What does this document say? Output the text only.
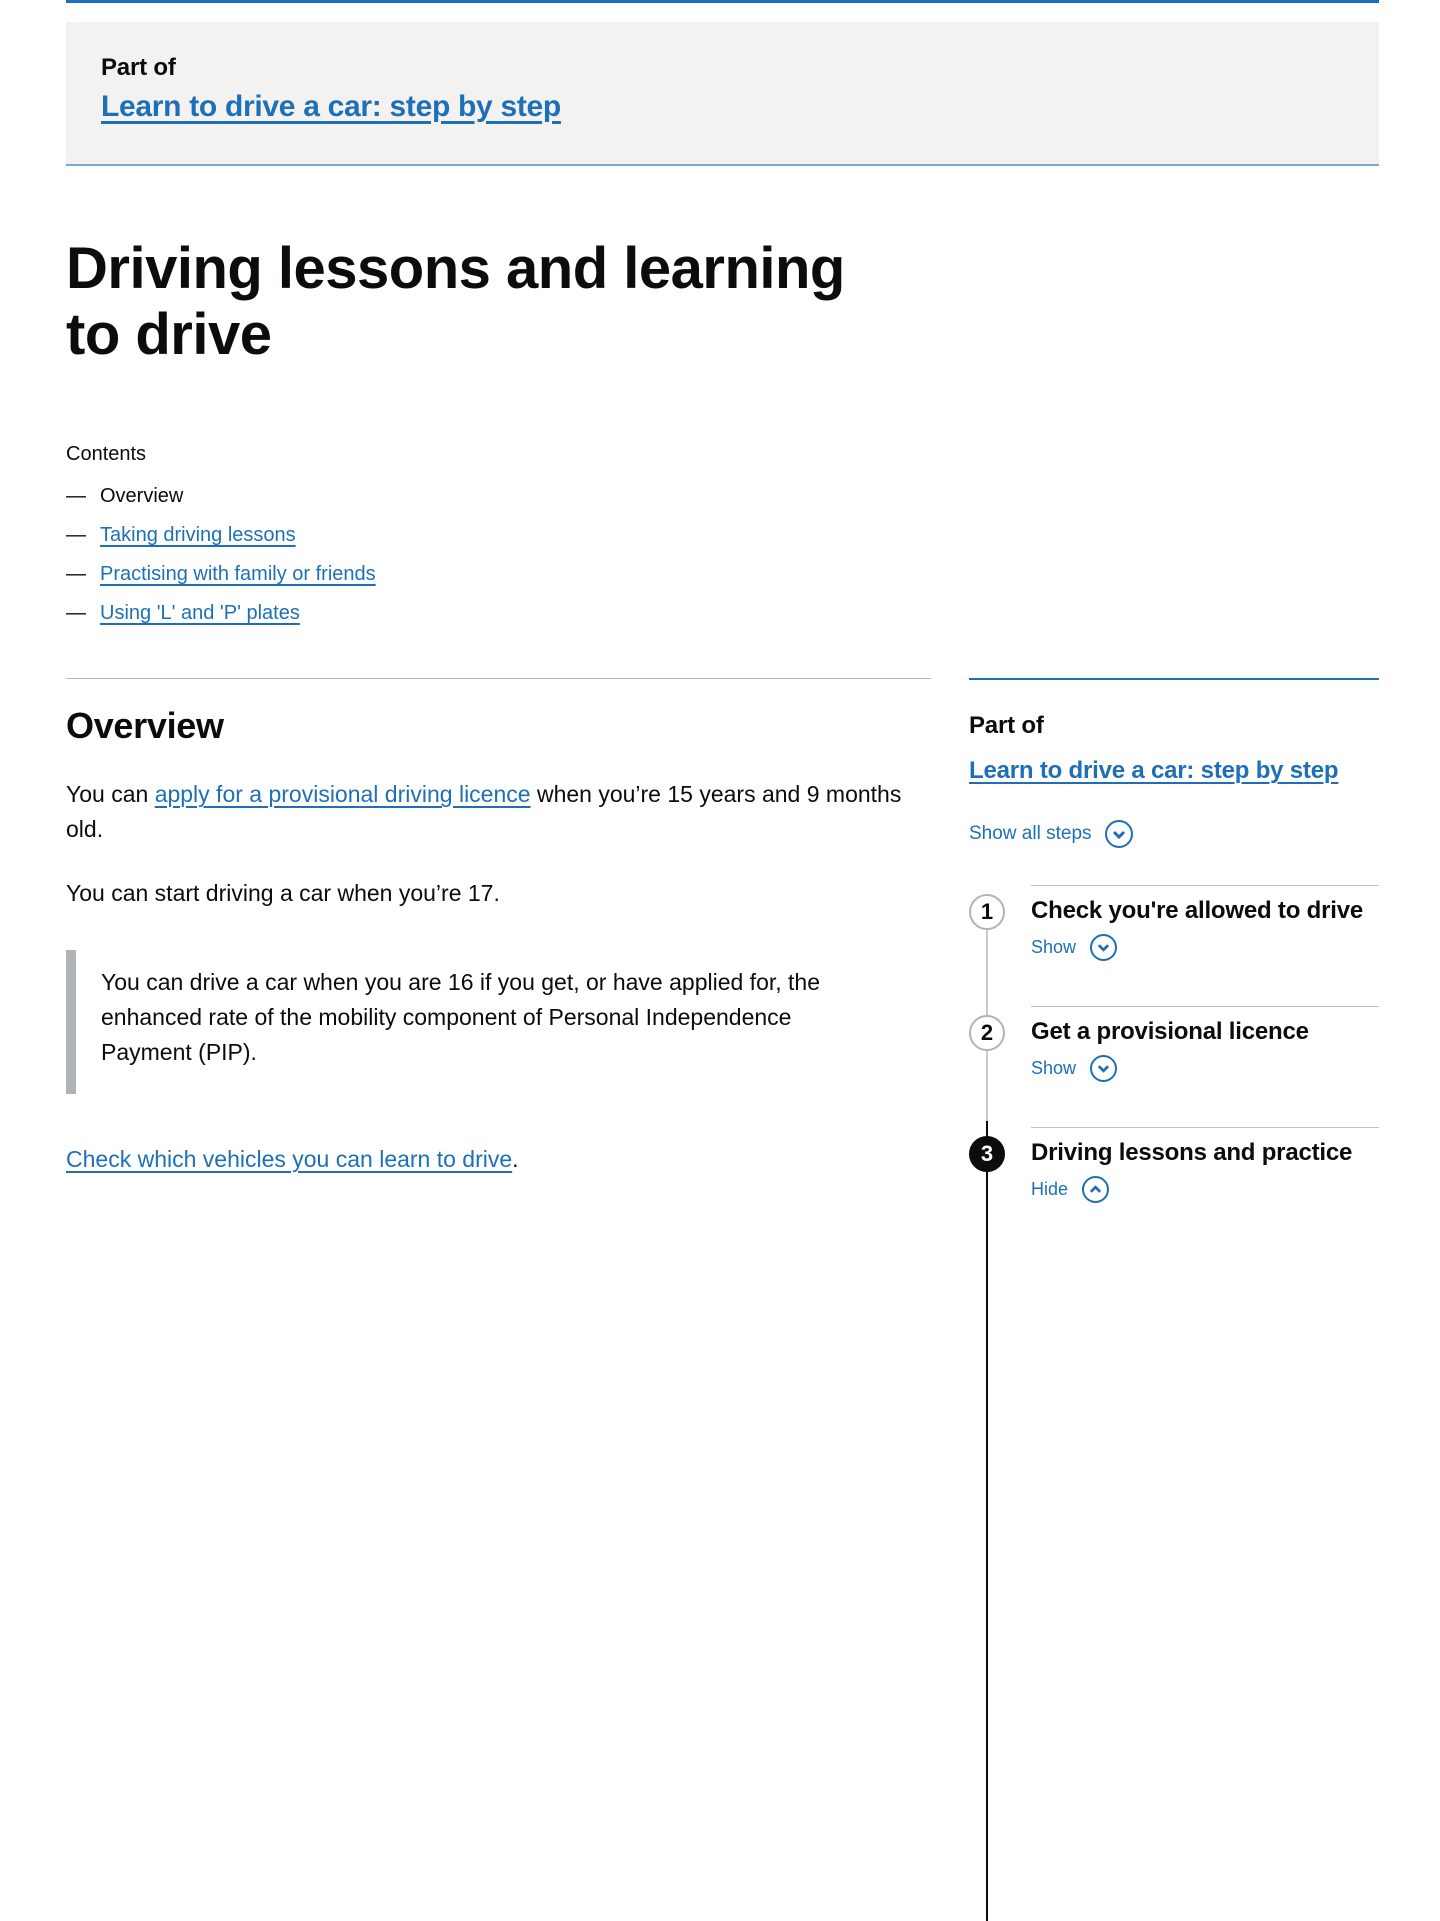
Part of
Learn to drive a car: step by step
Driving lessons and learning to drive
Contents
— Overview
— Taking driving lessons
— Practising with family or friends
— Using 'L' and 'P' plates
Overview

You can apply for a provisional driving licence when you’re 15 years and 9 months old.

You can start driving a car when you’re 17.

You can drive a car when you are 16 if you get, or have applied for, the enhanced rate of the mobility component of Personal Independence Payment (PIP).

Check which vehicles you can learn to drive.

Part of
Learn to drive a car: step by step
Show all steps
1	Check you're allowed to drive
Show
2	Get a provisional licence
Show
3	Driving lessons and practice
Hide
